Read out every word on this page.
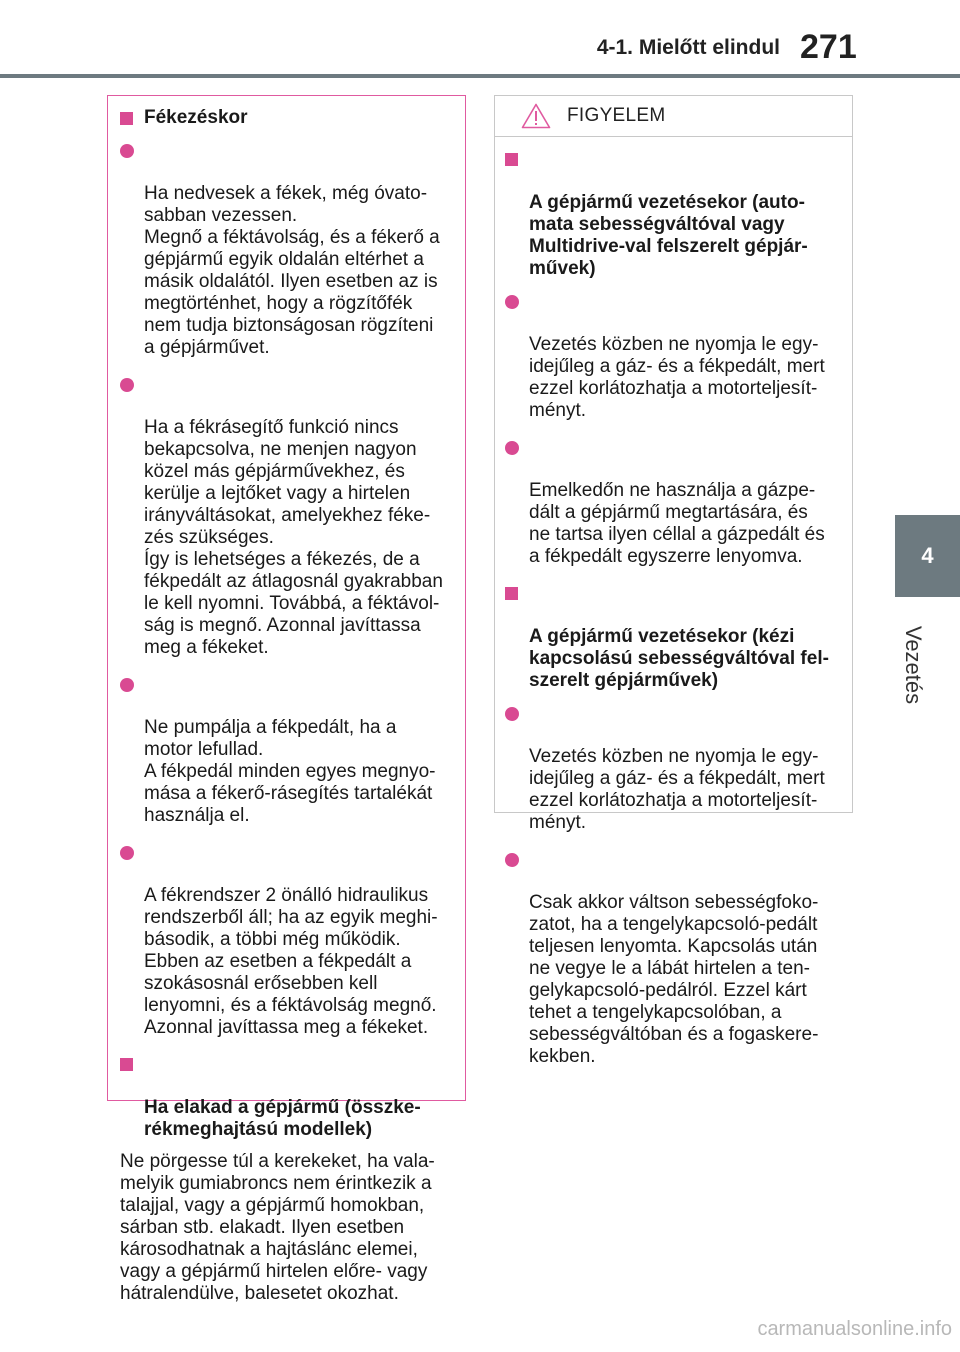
4-1. Mielőtt elindul 271
4
Vezetés
Fékezéskor

Ha nedvesek a fékek, még óvato-
sabban vezessen.
Megnő a féktávolság, és a fékerő a
gépjármű egyik oldalán eltérhet a
másik oldalától. Ilyen esetben az is
megtörténhet, hogy a rögzítőfék
nem tudja biztonságosan rögzíteni
a gépjárművet.

Ha a fékrásegítő funkció nincs
bekapcsolva, ne menjen nagyon
közel más gépjárművekhez, és
kerülje a lejtőket vagy a hirtelen
irányváltásokat, amelyekhez féke-
zés szükséges.
Így is lehetséges a fékezés, de a
fékpedált az átlagosnál gyakrabban
le kell nyomni. Továbbá, a féktávol-
ság is megnő. Azonnal javíttassa
meg a fékeket.

Ne pumpálja a fékpedált, ha a
motor lefullad.
A fékpedál minden egyes megnyo-
mása a fékerő-rásegítés tartalékát
használja el.

A fékrendszer 2 önálló hidraulikus
rendszerből áll; ha az egyik meghi-
básodik, a többi még működik.
Ebben az esetben a fékpedált a
szokásosnál erősebben kell
lenyomni, és a féktávolság megnő.
Azonnal javíttassa meg a fékeket.

Ha elakad a gépjármű (összke-
rékmeghajtású modellek)

Ne pörgesse túl a kerekeket, ha vala-
melyik gumiabroncs nem érintkezik a
talajjal, vagy a gépjármű homokban,
sárban stb. elakadt. Ilyen esetben
károsodhatnak a hajtáslánc elemei,
vagy a gépjármű hirtelen előre- vagy
hátralendülve, balesetet okozhat.

FIGYELEM

A gépjármű vezetésekor (auto-
mata sebességváltóval vagy
Multidrive-val felszerelt gépjár-
művek)

Vezetés közben ne nyomja le egy-
idejűleg a gáz- és a fékpedált, mert
ezzel korlátozhatja a motorteljesít-
ményt.

Emelkedőn ne használja a gázpe-
dált a gépjármű megtartására, és
ne tartsa ilyen céllal a gázpedált és
a fékpedált egyszerre lenyomva.

A gépjármű vezetésekor (kézi
kapcsolású sebességváltóval fel-
szerelt gépjárművek)

Vezetés közben ne nyomja le egy-
idejűleg a gáz- és a fékpedált, mert
ezzel korlátozhatja a motorteljesít-
ményt.

Csak akkor váltson sebességfoko-
zatot, ha a tengelykapcsoló-pedált
teljesen lenyomta. Kapcsolás után
ne vegye le a lábát hirtelen a ten-
gelykapcsoló-pedálról. Ezzel kárt
tehet a tengelykapcsolóban, a
sebességváltóban és a fogaskere-
kekben.

carmanualsonline.info
